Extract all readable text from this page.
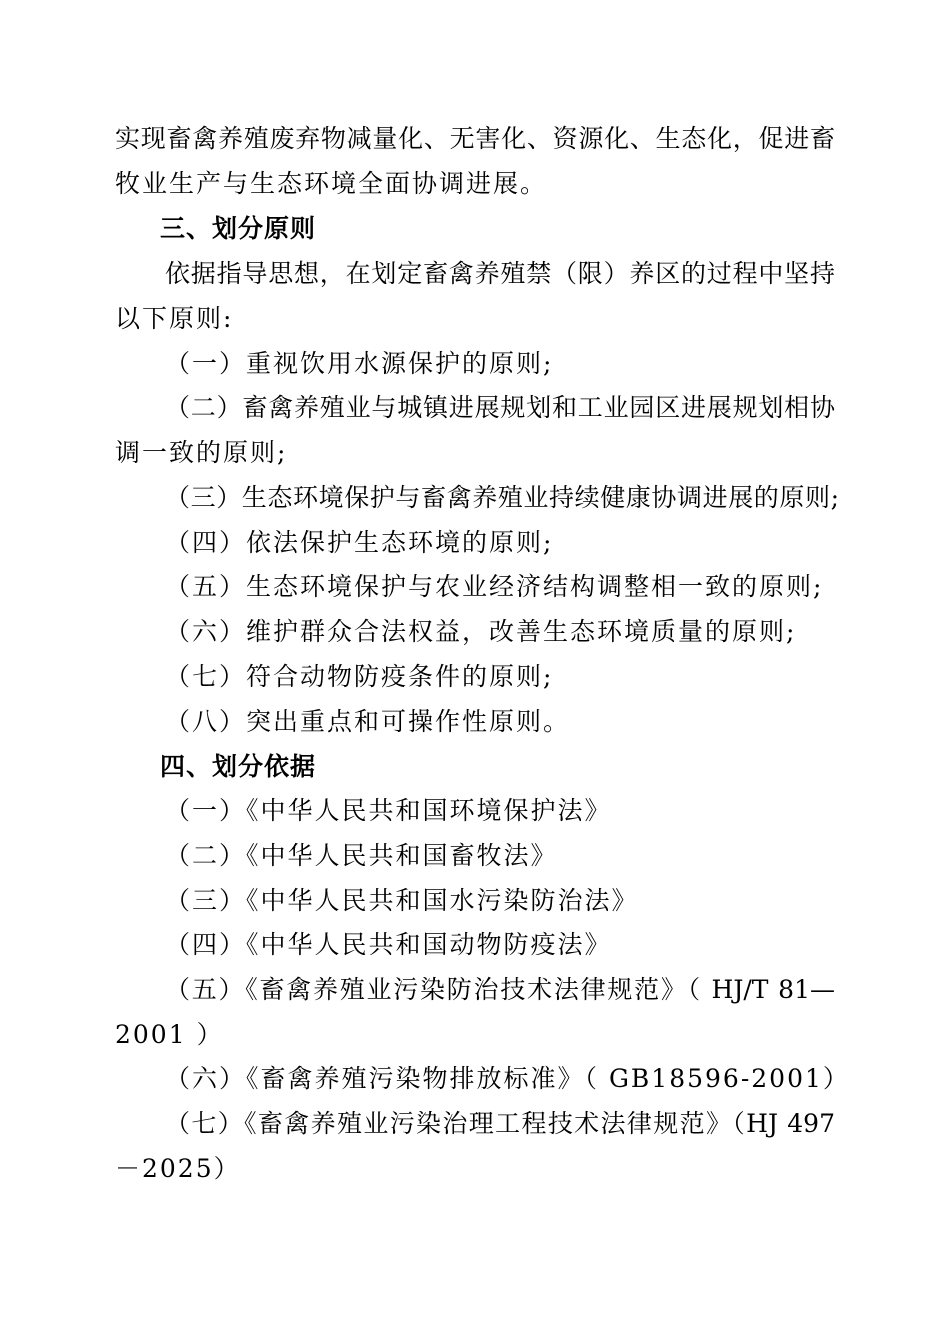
实现畜禽养殖废弃物减量化、无害化、资源化、生态化，促进畜
牧业生产与生态环境全面协调进展。
三、划分原则
依据指导思想，在划定畜禽养殖禁（限）养区的过程中坚持
以下原则:
（一）重视饮用水源保护的原则;
（二）畜禽养殖业与城镇进展规划和工业园区进展规划相协
调一致的原则;
（三）生态环境保护与畜禽养殖业持续健康协调进展的原则;
（四）依法保护生态环境的原则;
（五）生态环境保护与农业经济结构调整相一致的原则;
（六）维护群众合法权益，改善生态环境质量的原则;
（七）符合动物防疫条件的原则;
（八）突出重点和可操作性原则。
四、划分依据
（一）《中华人民共和国环境保护法》
（二）《中华人民共和国畜牧法》
（三）《中华人民共和国水污染防治法》
（四）《中华人民共和国动物防疫法》
（五）《畜禽养殖业污染防治技术法律规范》（ HJ/T 81—
2001 ）
（六）《畜禽养殖污染物排放标准》（ GB18596-2001）
（七）《畜禽养殖业污染治理工程技术法律规范》（HJ 497
－2025）
